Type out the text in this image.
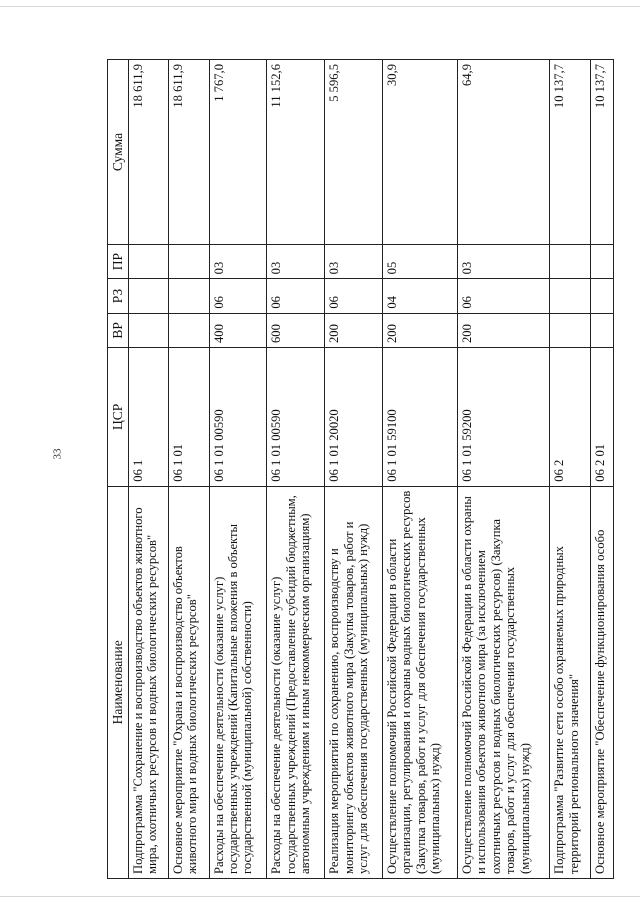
33
Наименование	ЦСР	ВР	РЗ	ПР	Сумма
Подпрограмма "Сохранение и воспроизводство объектов животного мира, охотничьих ресурсов и водных биологических ресурсов"	06 1				18 611,9
Основное мероприятие "Охрана и воспроизводство объектов животного мира и водных биологических ресурсов"	06 1 01				18 611,9
Расходы на обеспечение деятельности (оказание услуг) государственных учреждений (Капитальные вложения в объекты государственной (муниципальной) собственности)	06 1 01 00590	400	06	03	1 767,0
Расходы на обеспечение деятельности (оказание услуг) государственных учреждений (Предоставление субсидий бюджетным, автономным учреждениям и иным некоммерческим организациям)	06 1 01 00590	600	06	03	11 152,6
Реализация мероприятий по сохранению, воспроизводству и мониторингу объектов животного мира (Закупка товаров, работ и услуг для обеспечения государственных (муниципальных) нужд)	06 1 01 20020	200	06	03	5 596,5
Осуществление полномочий Российской Федерации в области организации, регулирования и охраны водных биологических ресурсов (Закупка товаров, работ и услуг для обеспечения государственных (муниципальных) нужд)	06 1 01 59100	200	04	05	30,9
Осуществление полномочий Российской Федерации в области охраны и использования объектов животного мира (за исключением охотничьих ресурсов и водных биологических ресурсов) (Закупка товаров, работ и услуг для обеспечения государственных (муниципальных) нужд)	06 1 01 59200	200	06	03	64,9
Подпрограмма "Развитие сети особо охраняемых природных территорий регионального значения"	06 2				10 137,7
Основное мероприятие "Обеспечение функционирования особо	06 2 01				10 137,7
